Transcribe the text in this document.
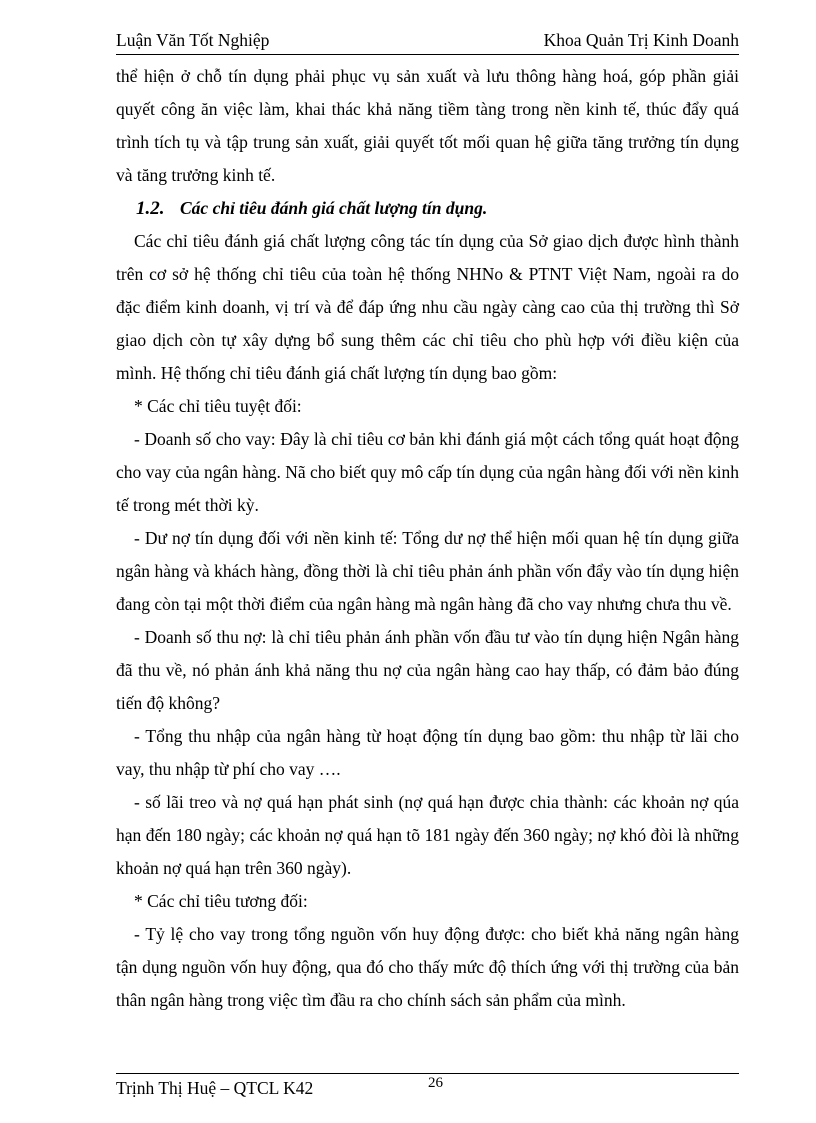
Luận Văn Tốt Nghiệp	Khoa Quản Trị Kinh Doanh

thể hiện ở chỗ tín dụng phải phục vụ sản xuất và lưu thông hàng hoá, góp phần giải quyết công ăn việc làm, khai thác khả năng tiềm tàng trong nền kinh tế, thúc đẩy quá trình tích tụ và tập trung sản xuất, giải quyết tốt mối quan hệ giữa tăng trưởng tín dụng và tăng trưởng kinh tế.

1.2. Các chỉ tiêu đánh giá chất lượng tín dụng.

Các chỉ tiêu đánh giá chất lượng công tác tín dụng của Sở giao dịch được hình thành trên cơ sở hệ thống chỉ tiêu của toàn hệ thống NHNo & PTNT Việt Nam, ngoài ra do đặc điểm kinh doanh, vị trí và để đáp ứng nhu cầu ngày càng cao của thị trường thì Sở giao dịch còn tự xây dựng bổ sung thêm các chỉ tiêu cho phù hợp với điều kiện của mình. Hệ thống chỉ tiêu đánh giá chất lượng tín dụng bao gồm:

* Các chỉ tiêu tuyệt đối:

- Doanh số cho vay: Đây là chỉ tiêu cơ bản khi đánh giá một cách tổng quát hoạt động cho vay của ngân hàng. Nã cho biết quy mô cấp tín dụng của ngân hàng đối với nền kinh tế trong mét thời kỳ.

- Dư nợ tín dụng đối với nền kinh tế: Tổng dư nợ thể hiện mối quan hệ tín dụng giữa ngân hàng và khách hàng, đồng thời là chỉ tiêu phản ánh phần vốn đẩy vào tín dụng hiện đang còn tại một thời điểm của ngân hàng mà ngân hàng đã cho vay nhưng chưa thu về.

- Doanh số thu nợ: là chỉ tiêu phản ánh phần vốn đầu tư vào tín dụng hiện Ngân hàng đã thu về, nó phản ánh khả năng thu nợ của ngân hàng cao hay thấp, có đảm bảo đúng tiến độ không?

- Tổng thu nhập của ngân hàng từ hoạt động tín dụng bao gồm: thu nhập từ lãi cho vay, thu nhập từ phí cho vay ….

- số lãi treo và nợ quá hạn phát sinh (nợ quá hạn được chia thành: các khoản nợ qúa hạn đến 180 ngày; các khoản nợ quá hạn tõ 181 ngày đến 360 ngày; nợ khó đòi là những khoản nợ quá hạn trên 360 ngày).

* Các chỉ tiêu tương đối:

- Tỷ lệ cho vay trong tổng nguồn vốn huy động được: cho biết khả năng ngân hàng tận dụng nguồn vốn huy động, qua đó cho thấy mức độ thích ứng với thị trường của bản thân ngân hàng trong việc tìm đầu ra cho chính sách sản phẩm của mình.

Trịnh Thị Huệ – QTCL K42	26
